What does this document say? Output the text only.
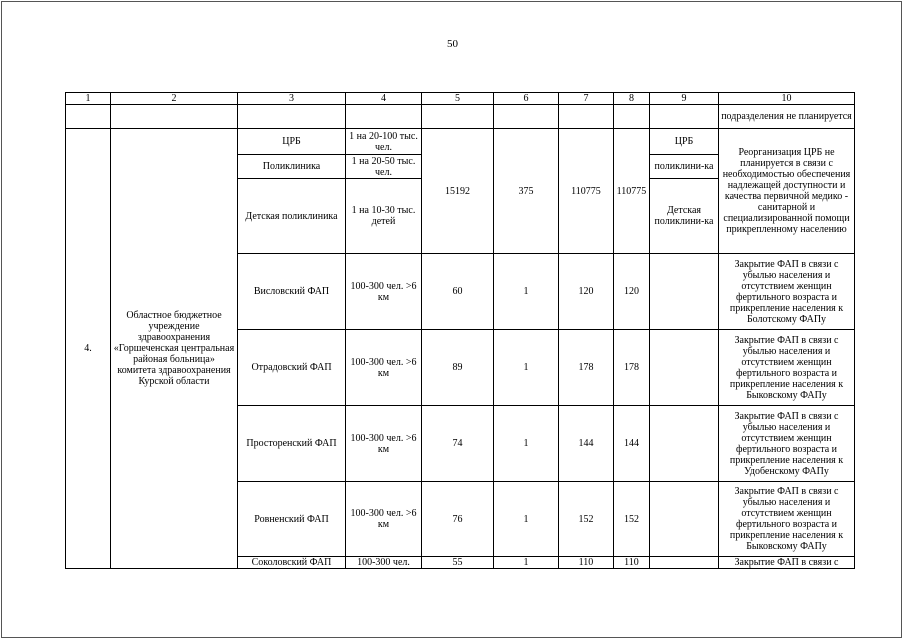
50
1	2	3	4	5	6	7	8	9	10
									подразделения не планируется
4.	Областное бюджетное учреждение здравоохранения «Горшеченская центральная районая больница» комитета здравоохранения Курской области	ЦРБ	1 на 20-100 тыс. чел.	15192	375	110775	110775	ЦРБ	Реорганизация ЦРБ не планируется в связи с необходимостью обеспечения надлежащей доступности и качества первичной медико - санитарной и специализированной помощи прикрепленному населению
		Поликлиника	1 на 20-50 тыс. чел.					поликлини-ка	
		Детская поликлиника	1 на 10-30 тыс. детей					Детская поликлини-ка	
		Висловский ФАП	100-300 чел. >6 км	60	1	120	120		Закрытие ФАП в связи с убылью населения и отсутствием женщин фертильного возраста и прикрепление населения к Болотскому ФАПу
		Отрадовский ФАП	100-300 чел. >6 км	89	1	178	178		Закрытие ФАП в связи с убылью населения и отсутствием женщин фертильного возраста и прикрепление населения к Быковскому ФАПу
		Просторенский ФАП	100-300 чел. >6 км	74	1	144	144		Закрытие ФАП в связи с убылью населения и отсутствием женщин фертильного возраста и прикрепление населения к Удобенскому ФАПу
		Ровненский ФАП	100-300 чел. >6 км	76	1	152	152		Закрытие ФАП в связи с убылью населения и отсутствием женщин фертильного возраста и прикрепление населения к Быковскому ФАПу
		Соколовский ФАП	100-300 чел.	55	1	110	110		Закрытие ФАП в связи с
